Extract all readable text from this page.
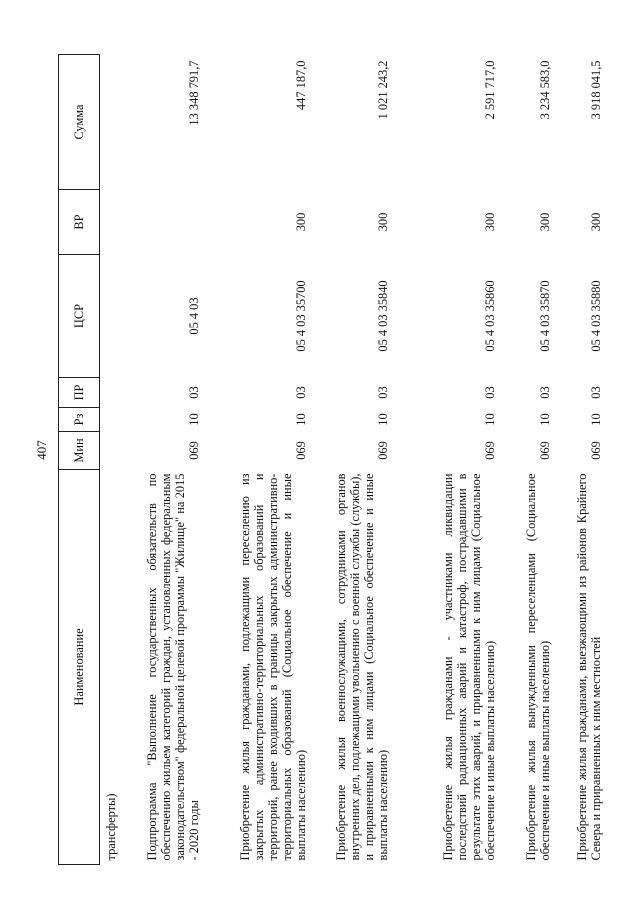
407
Наименование	Мин	Рз	ПР	ЦСР	ВР	Сумма
трансферты)						
Подпрограмма "Выполнение государственных обязательств по обеспечению жильем категорий граждан, установленных федеральным законодательством" федеральной целевой программы "Жилище" на 2015 - 2020 годы	069	10	03	05 4 03		13 348 791,7
Приобретение жилья гражданами, подлежащими переселению из закрытых административно-территориальных образований и территорий, ранее входивших в границы закрытых административно-территориальных образований (Социальное обеспечение и иные выплаты населению)	069	10	03	05 4 03 35700	300	447 187,0
Приобретение жилья военнослужащими, сотрудниками органов внутренних дел, подлежащими увольнению с военной службы (службы), и приравненными к ним лицами (Социальное обеспечение и иные выплаты населению)	069	10	03	05 4 03 35840	300	1 021 243,2
Приобретение жилья гражданами - участниками ликвидации последствий радиационных аварий и катастроф, пострадавшими в результате этих аварий, и приравненными к ним лицами (Социальное обеспечение и иные выплаты населению)	069	10	03	05 4 03 35860	300	2 591 717,0
Приобретение жилья вынужденными переселенцами (Социальное обеспечение и иные выплаты населению)	069	10	03	05 4 03 35870	300	3 234 583,0
Приобретение жилья гражданами, выезжающими из районов Крайнего Севера и приравненных к ним местностей	069	10	03	05 4 03 35880	300	3 918 041,5
